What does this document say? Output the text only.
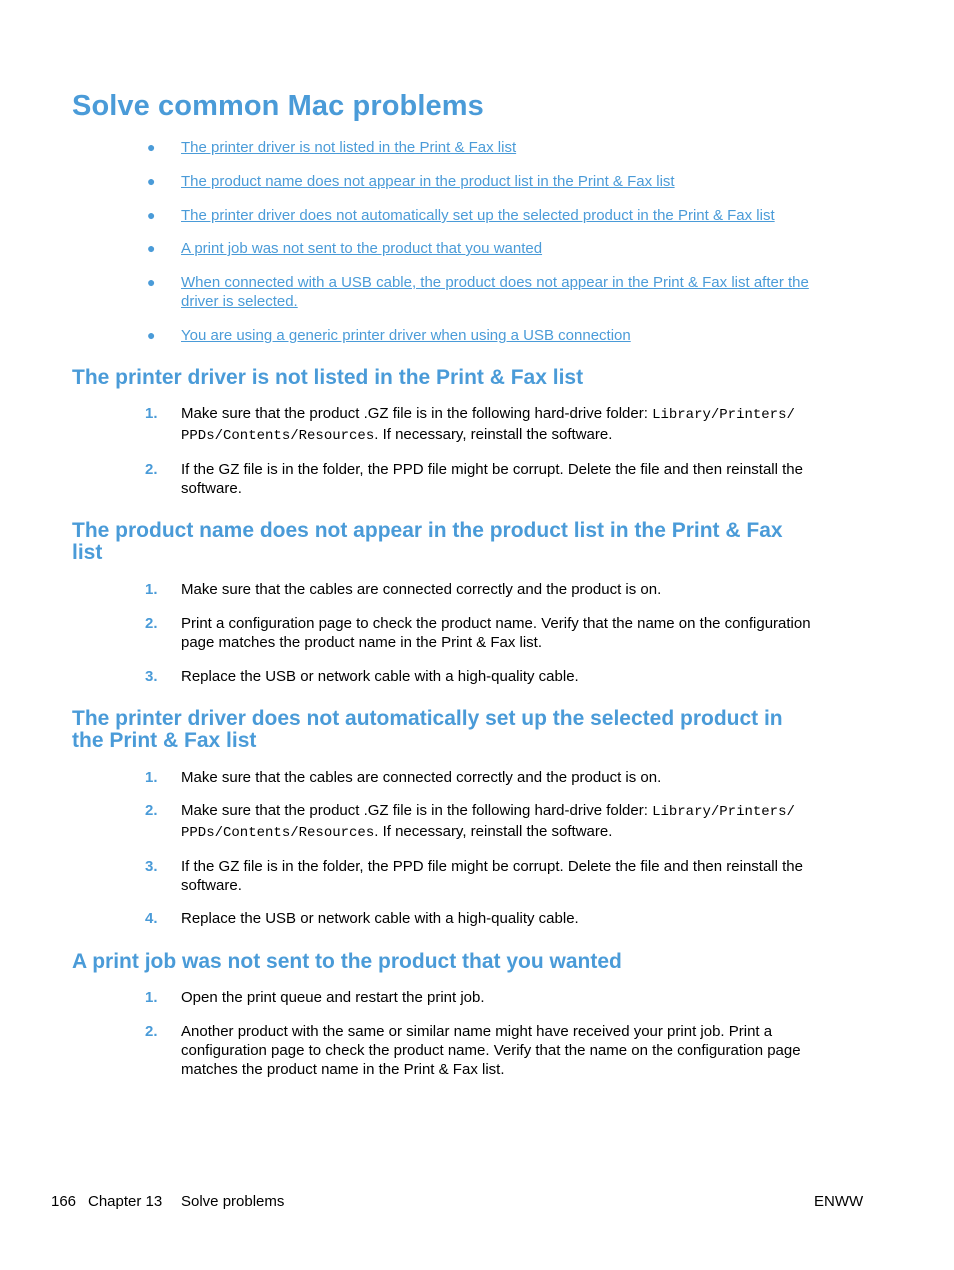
Solve common Mac problems
● The printer driver is not listed in the Print & Fax list
● The product name does not appear in the product list in the Print & Fax list
● The printer driver does not automatically set up the selected product in the Print & Fax list
● A print job was not sent to the product that you wanted
● When connected with a USB cable, the product does not appear in the Print & Fax list after the
driver is selected.
● You are using a generic printer driver when using a USB connection
The printer driver is not listed in the Print & Fax list
1.	Make sure that the product .GZ file is in the following hard-drive folder: Library/Printers/
PPDs/Contents/Resources. If necessary, reinstall the software.
2.	If the GZ file is in the folder, the PPD file might be corrupt. Delete the file and then reinstall the
software.
The product name does not appear in the product list in the Print & Fax
list
1.	Make sure that the cables are connected correctly and the product is on.
2.	Print a configuration page to check the product name. Verify that the name on the configuration
page matches the product name in the Print & Fax list.
3.	Replace the USB or network cable with a high-quality cable.
The printer driver does not automatically set up the selected product in
the Print & Fax list
1.	Make sure that the cables are connected correctly and the product is on.
2.	Make sure that the product .GZ file is in the following hard-drive folder: Library/Printers/
PPDs/Contents/Resources. If necessary, reinstall the software.
3.	If the GZ file is in the folder, the PPD file might be corrupt. Delete the file and then reinstall the
software.
4.	Replace the USB or network cable with a high-quality cable.
A print job was not sent to the product that you wanted
1.	Open the print queue and restart the print job.
2.	Another product with the same or similar name might have received your print job. Print a
configuration page to check the product name. Verify that the name on the configuration page
matches the product name in the Print & Fax list.
166 Chapter 13 Solve problems	ENWW
